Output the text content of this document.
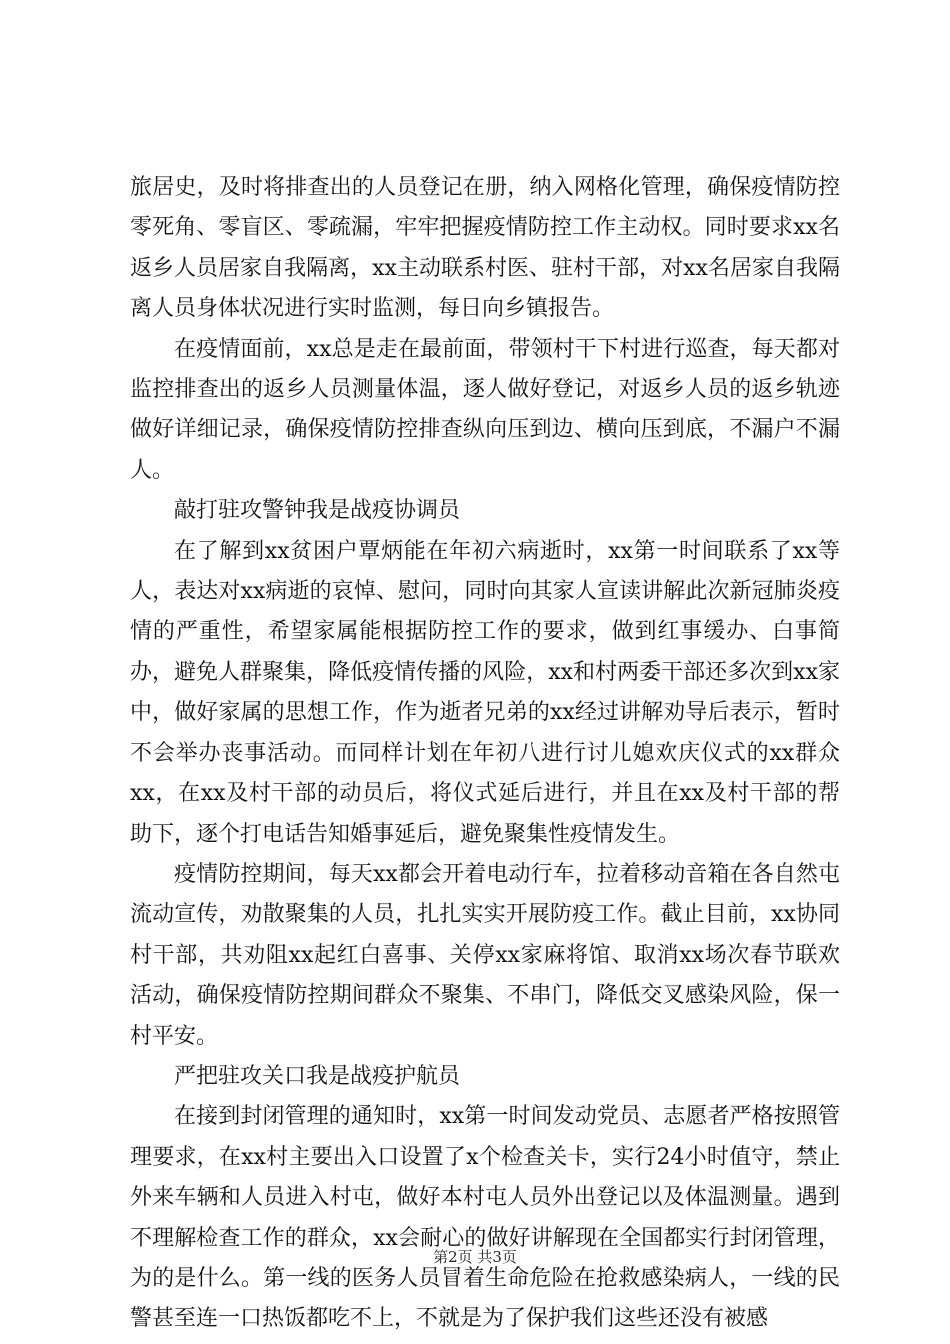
旅居史，及时将排查出的人员登记在册，纳入网格化管理，确保疫情防控零死角、零盲区、零疏漏，牢牢把握疫情防控工作主动权。同时要求xx名返乡人员居家自我隔离，xx主动联系村医、驻村干部，对xx名居家自我隔离人员身体状况进行实时监测，每日向乡镇报告。

在疫情面前，xx总是走在最前面，带领村干下村进行巡查，每天都对监控排查出的返乡人员测量体温，逐人做好登记，对返乡人员的返乡轨迹做好详细记录，确保疫情防控排查纵向压到边、横向压到底，不漏户不漏人。

敲打驻攻警钟我是战疫协调员

在了解到xx贫困户覃炳能在年初六病逝时，xx第一时间联系了xx等人，表达对xx病逝的哀悼、慰问，同时向其家人宣读讲解此次新冠肺炎疫情的严重性，希望家属能根据防控工作的要求，做到红事缓办、白事简办，避免人群聚集，降低疫情传播的风险，xx和村两委干部还多次到xx家中，做好家属的思想工作，作为逝者兄弟的xx经过讲解劝导后表示，暂时不会举办丧事活动。而同样计划在年初八进行讨儿媳欢庆仪式的xx群众xx，在xx及村干部的动员后，将仪式延后进行，并且在xx及村干部的帮助下，逐个打电话告知婚事延后，避免聚集性疫情发生。

疫情防控期间，每天xx都会开着电动行车，拉着移动音箱在各自然屯流动宣传，劝散聚集的人员，扎扎实实开展防疫工作。截止目前，xx协同村干部，共劝阻xx起红白喜事、关停xx家麻将馆、取消xx场次春节联欢活动，确保疫情防控期间群众不聚集、不串门，降低交叉感染风险，保一村平安。

严把驻攻关口我是战疫护航员

在接到封闭管理的通知时，xx第一时间发动党员、志愿者严格按照管理要求，在xx村主要出入口设置了x个检查关卡，实行24小时值守，禁止外来车辆和人员进入村屯，做好本村屯人员外出登记以及体温测量。遇到不理解检查工作的群众，xx会耐心的做好讲解现在全国都实行封闭管理，为的是什么。第一线的医务人员冒着生命危险在抢救感染病人，一线的民警甚至连一口热饭都吃不上，不就是为了保护我们这些还没有被感

第2页 共3页
